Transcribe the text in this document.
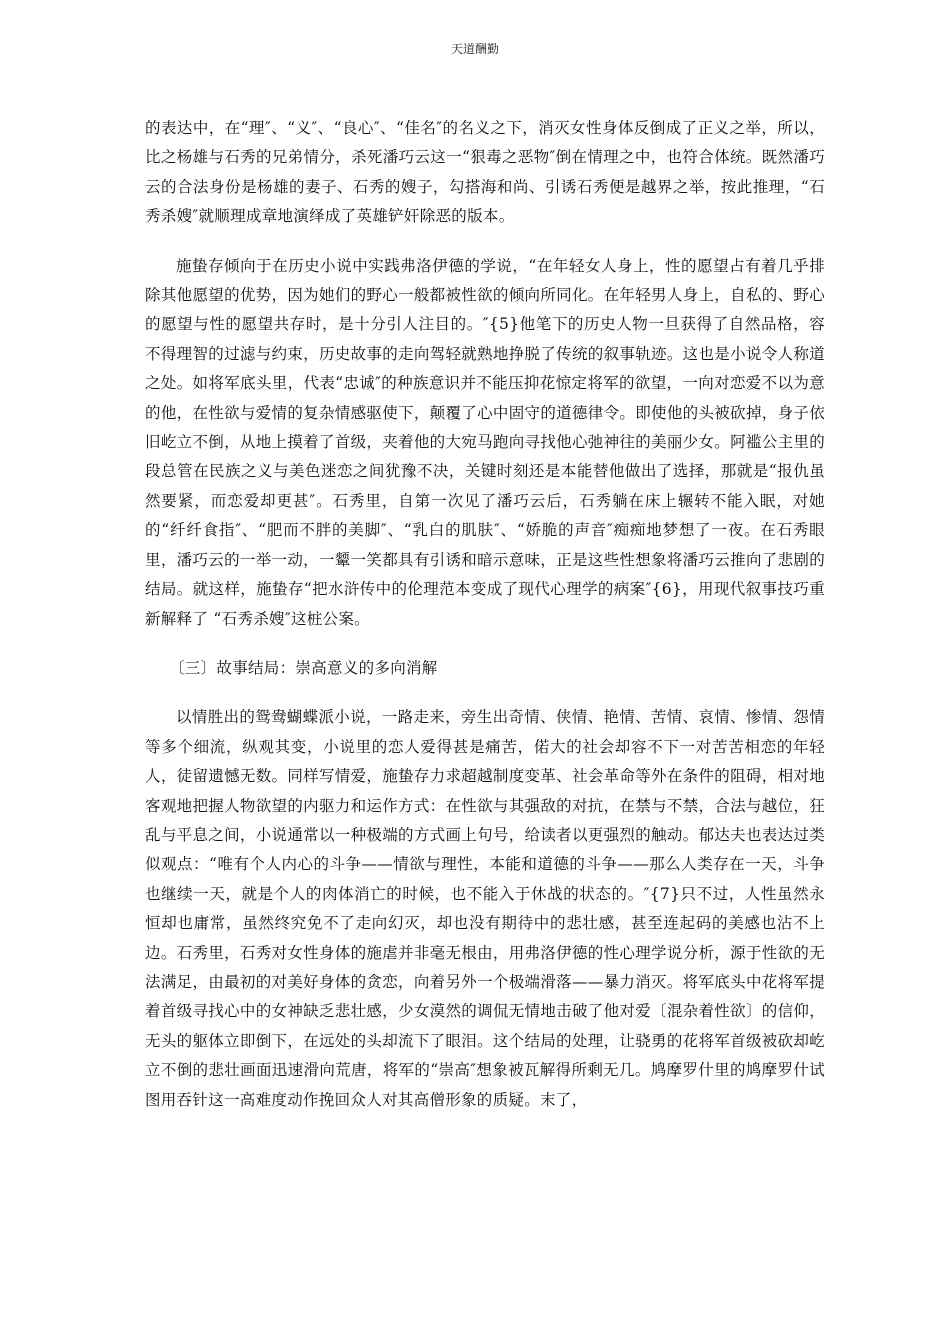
天道酬勤

的表达中，在“理″、“义″、“良心″、“佳名″的名义之下，消灭女性身体反倒成了正义之举，所以，比之杨雄与石秀的兄弟情分，杀死潘巧云这一“狠毒之恶物″倒在情理之中，也符合体统。既然潘巧云的合法身份是杨雄的妻子、石秀的嫂子，勾搭海和尚、引诱石秀便是越界之举，按此推理，“石秀杀嫂″就顺理成章地演绎成了英雄铲奸除恶的版本。

施蛰存倾向于在历史小说中实践弗洛伊德的学说，“在年轻女人身上，性的愿望占有着几乎排除其他愿望的优势，因为她们的野心一般都被性欲的倾向所同化。在年轻男人身上，自私的、野心的愿望与性的愿望共存时，是十分引人注目的。″{5}他笔下的历史人物一旦获得了自然品格，容不得理智的过滤与约束，历史故事的走向驾轻就熟地挣脱了传统的叙事轨迹。这也是小说令人称道之处。如将军底头里，代表“忠诚″的种族意识并不能压抑花惊定将军的欲望，一向对恋爱不以为意的他，在性欲与爱情的复杂情感驱使下，颠覆了心中固守的道德律令。即使他的头被砍掉，身子依旧屹立不倒，从地上摸着了首级，夹着他的大宛马跑向寻找他心弛神往的美丽少女。阿褴公主里的段总管在民族之义与美色迷恋之间犹豫不决，关键时刻还是本能替他做出了选择，那就是“报仇虽然要紧，而恋爱却更甚″。石秀里，自第一次见了潘巧云后，石秀躺在床上辗转不能入眠，对她的“纤纤食指″、“肥而不胖的美脚″、“乳白的肌肤″、“娇脆的声音″痴痴地梦想了一夜。在石秀眼里，潘巧云的一举一动，一颦一笑都具有引诱和暗示意味，正是这些性想象将潘巧云推向了悲剧的结局。就这样，施蛰存“把水浒传中的伦理范本变成了现代心理学的病案″{6}，用现代叙事技巧重新解释了 “石秀杀嫂″这桩公案。

〔三〕故事结局：崇高意义的多向消解

以情胜出的鸳鸯蝴蝶派小说，一路走来，旁生出奇情、侠情、艳情、苦情、哀情、惨情、怨情等多个细流，纵观其变，小说里的恋人爱得甚是痛苦，偌大的社会却容不下一对苦苦相恋的年轻人，徒留遗憾无数。同样写情爱，施蛰存力求超越制度变革、社会革命等外在条件的阻碍，相对地客观地把握人物欲望的内驱力和运作方式：在性欲与其强敌的对抗，在禁与不禁，合法与越位，狂乱与平息之间，小说通常以一种极端的方式画上句号，给读者以更强烈的触动。郁达夫也表达过类似观点：“唯有个人内心的斗争——情欲与理性，本能和道德的斗争——那么人类存在一天，斗争也继续一天，就是个人的肉体消亡的时候，也不能入于休战的状态的。″{7}只不过，人性虽然永恒却也庸常，虽然终究免不了走向幻灭，却也没有期待中的悲壮感，甚至连起码的美感也沾不上边。石秀里，石秀对女性身体的施虐并非毫无根由，用弗洛伊德的性心理学说分析，源于性欲的无法满足，由最初的对美好身体的贪恋，向着另外一个极端滑落——暴力消灭。将军底头中花将军提着首级寻找心中的女神缺乏悲壮感，少女漠然的调侃无情地击破了他对爱〔混杂着性欲〕的信仰，无头的躯体立即倒下，在远处的头却流下了眼泪。这个结局的处理，让骁勇的花将军首级被砍却屹立不倒的悲壮画面迅速滑向荒唐，将军的“崇高″想象被瓦解得所剩无几。鸠摩罗什里的鸠摩罗什试图用吞针这一高难度动作挽回众人对其高僧形象的质疑。末了，
